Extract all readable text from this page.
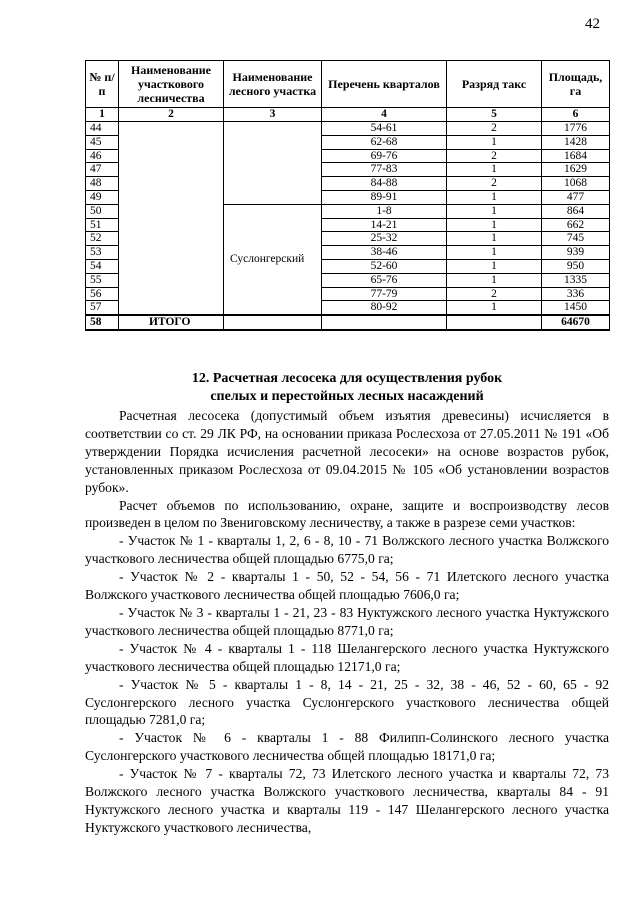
42
№ п/п	Наименование участкового лесничества	Наименование лесного участка	Перечень кварталов	Разряд такс	Площадь, га
1	2	3	4	5	6
44			54-61	2	1776
45			62-68	1	1428
46			69-76	2	1684
47			77-83	1	1629
48			84-88	2	1068
49			89-91	1	477
50		Суслонгерский	1-8	1	864
51			14-21	1	662
52			25-32	1	745
53			38-46	1	939
54			52-60	1	950
55			65-76	1	1335
56			77-79	2	336
57			80-92	1	1450
58	ИТОГО				64670
12. Расчетная лесосека для осуществления рубок
спелых и перестойных лесных насаждений

Расчетная лесосека (допустимый объем изъятия древесины) исчисляется в соответствии со ст. 29 ЛК РФ, на основании приказа Рослесхоза от 27.05.2011 № 191 «Об утверждении Порядка исчисления расчетной лесосеки» на основе возрастов рубок, установленных приказом Рослесхоза от 09.04.2015 № 105 «Об установлении возрастов рубок».

Расчет объемов по использованию, охране, защите и воспроизводству лесов произведен в целом по Звениговскому лесничеству, а также в разрезе семи участков:

- Участок № 1 - кварталы 1, 2, 6 - 8, 10 - 71 Волжского лесного участка Волжского участкового лесничества общей площадью 6775,0 га;

- Участок № 2 - кварталы 1 - 50, 52 - 54, 56 - 71 Илетского лесного участка Волжского участкового лесничества общей площадью 7606,0 га;

- Участок № 3 - кварталы 1 - 21, 23 - 83 Нуктужского лесного участка Нуктужского участкового лесничества общей площадью 8771,0 га;

- Участок № 4 - кварталы 1 - 118 Шелангерского лесного участка Нуктужского участкового лесничества общей площадью 12171,0 га;

- Участок № 5 - кварталы 1 - 8, 14 - 21, 25 - 32, 38 - 46, 52 - 60, 65 - 92 Суслонгерского лесного участка Суслонгерского участкового лесничества общей площадью 7281,0 га;

- Участок № 6 - кварталы 1 - 88 Филипп-Солинского лесного участка Суслонгерского участкового лесничества общей площадью 18171,0 га;

- Участок № 7 - кварталы 72, 73 Илетского лесного участка и кварталы 72, 73 Волжского лесного участка Волжского участкового лесничества, кварталы 84 - 91 Нуктужского лесного участка и кварталы 119 - 147 Шелангерского лесного участка Нуктужского участкового лесничества,
